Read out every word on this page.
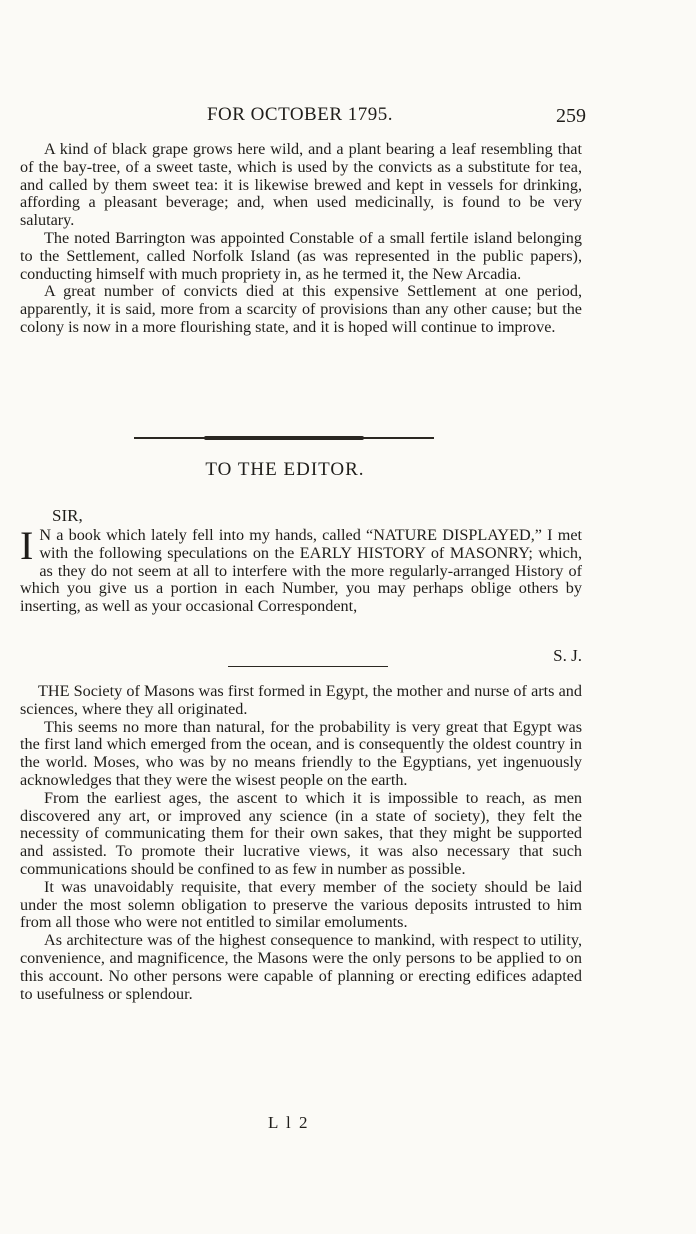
FOR OCTOBER 1795.	259

A kind of black grape grows here wild, and a plant bearing a leaf resembling that of the bay-tree, of a sweet taste, which is used by the convicts as a substitute for tea, and called by them sweet tea: it is likewise brewed and kept in vessels for drinking, affording a pleasant beverage; and, when used medicinally, is found to be very salutary.

The noted Barrington was appointed Constable of a small fertile island belonging to the Settlement, called Norfolk Island (as was represented in the public papers), conducting himself with much propriety in, as he termed it, the New Arcadia.

A great number of convicts died at this expensive Settlement at one period, apparently, it is said, more from a scarcity of provisions than any other cause; but the colony is now in a more flourishing state, and it is hoped will continue to improve.

TO THE EDITOR.
SIR,
I N a book which lately fell into my hands, called “NATURE DISPLAYED,” I met with the following speculations on the EARLY HISTORY of MASONRY; which, as they do not seem at all to interfere with the more regularly-arranged History of which you give us a portion in each Number, you may perhaps oblige others by inserting, as well as your occasional Correspondent,
S. J.

THE Society of Masons was first formed in Egypt, the mother and nurse of arts and sciences, where they all originated.

This seems no more than natural, for the probability is very great that Egypt was the first land which emerged from the ocean, and is consequently the oldest country in the world. Moses, who was by no means friendly to the Egyptians, yet ingenuously acknowledges that they were the wisest people on the earth.

From the earliest ages, the ascent to which it is impossible to reach, as men discovered any art, or improved any science (in a state of society), they felt the necessity of communicating them for their own sakes, that they might be supported and assisted. To promote their lucrative views, it was also necessary that such communications should be confined to as few in number as possible.

It was unavoidably requisite, that every member of the society should be laid under the most solemn obligation to preserve the various deposits intrusted to him from all those who were not entitled to similar emoluments.

As architecture was of the highest consequence to mankind, with respect to utility, convenience, and magnificence, the Masons were the only persons to be applied to on this account. No other persons were capable of planning or erecting edifices adapted to usefulness or splendour.

L l 2
